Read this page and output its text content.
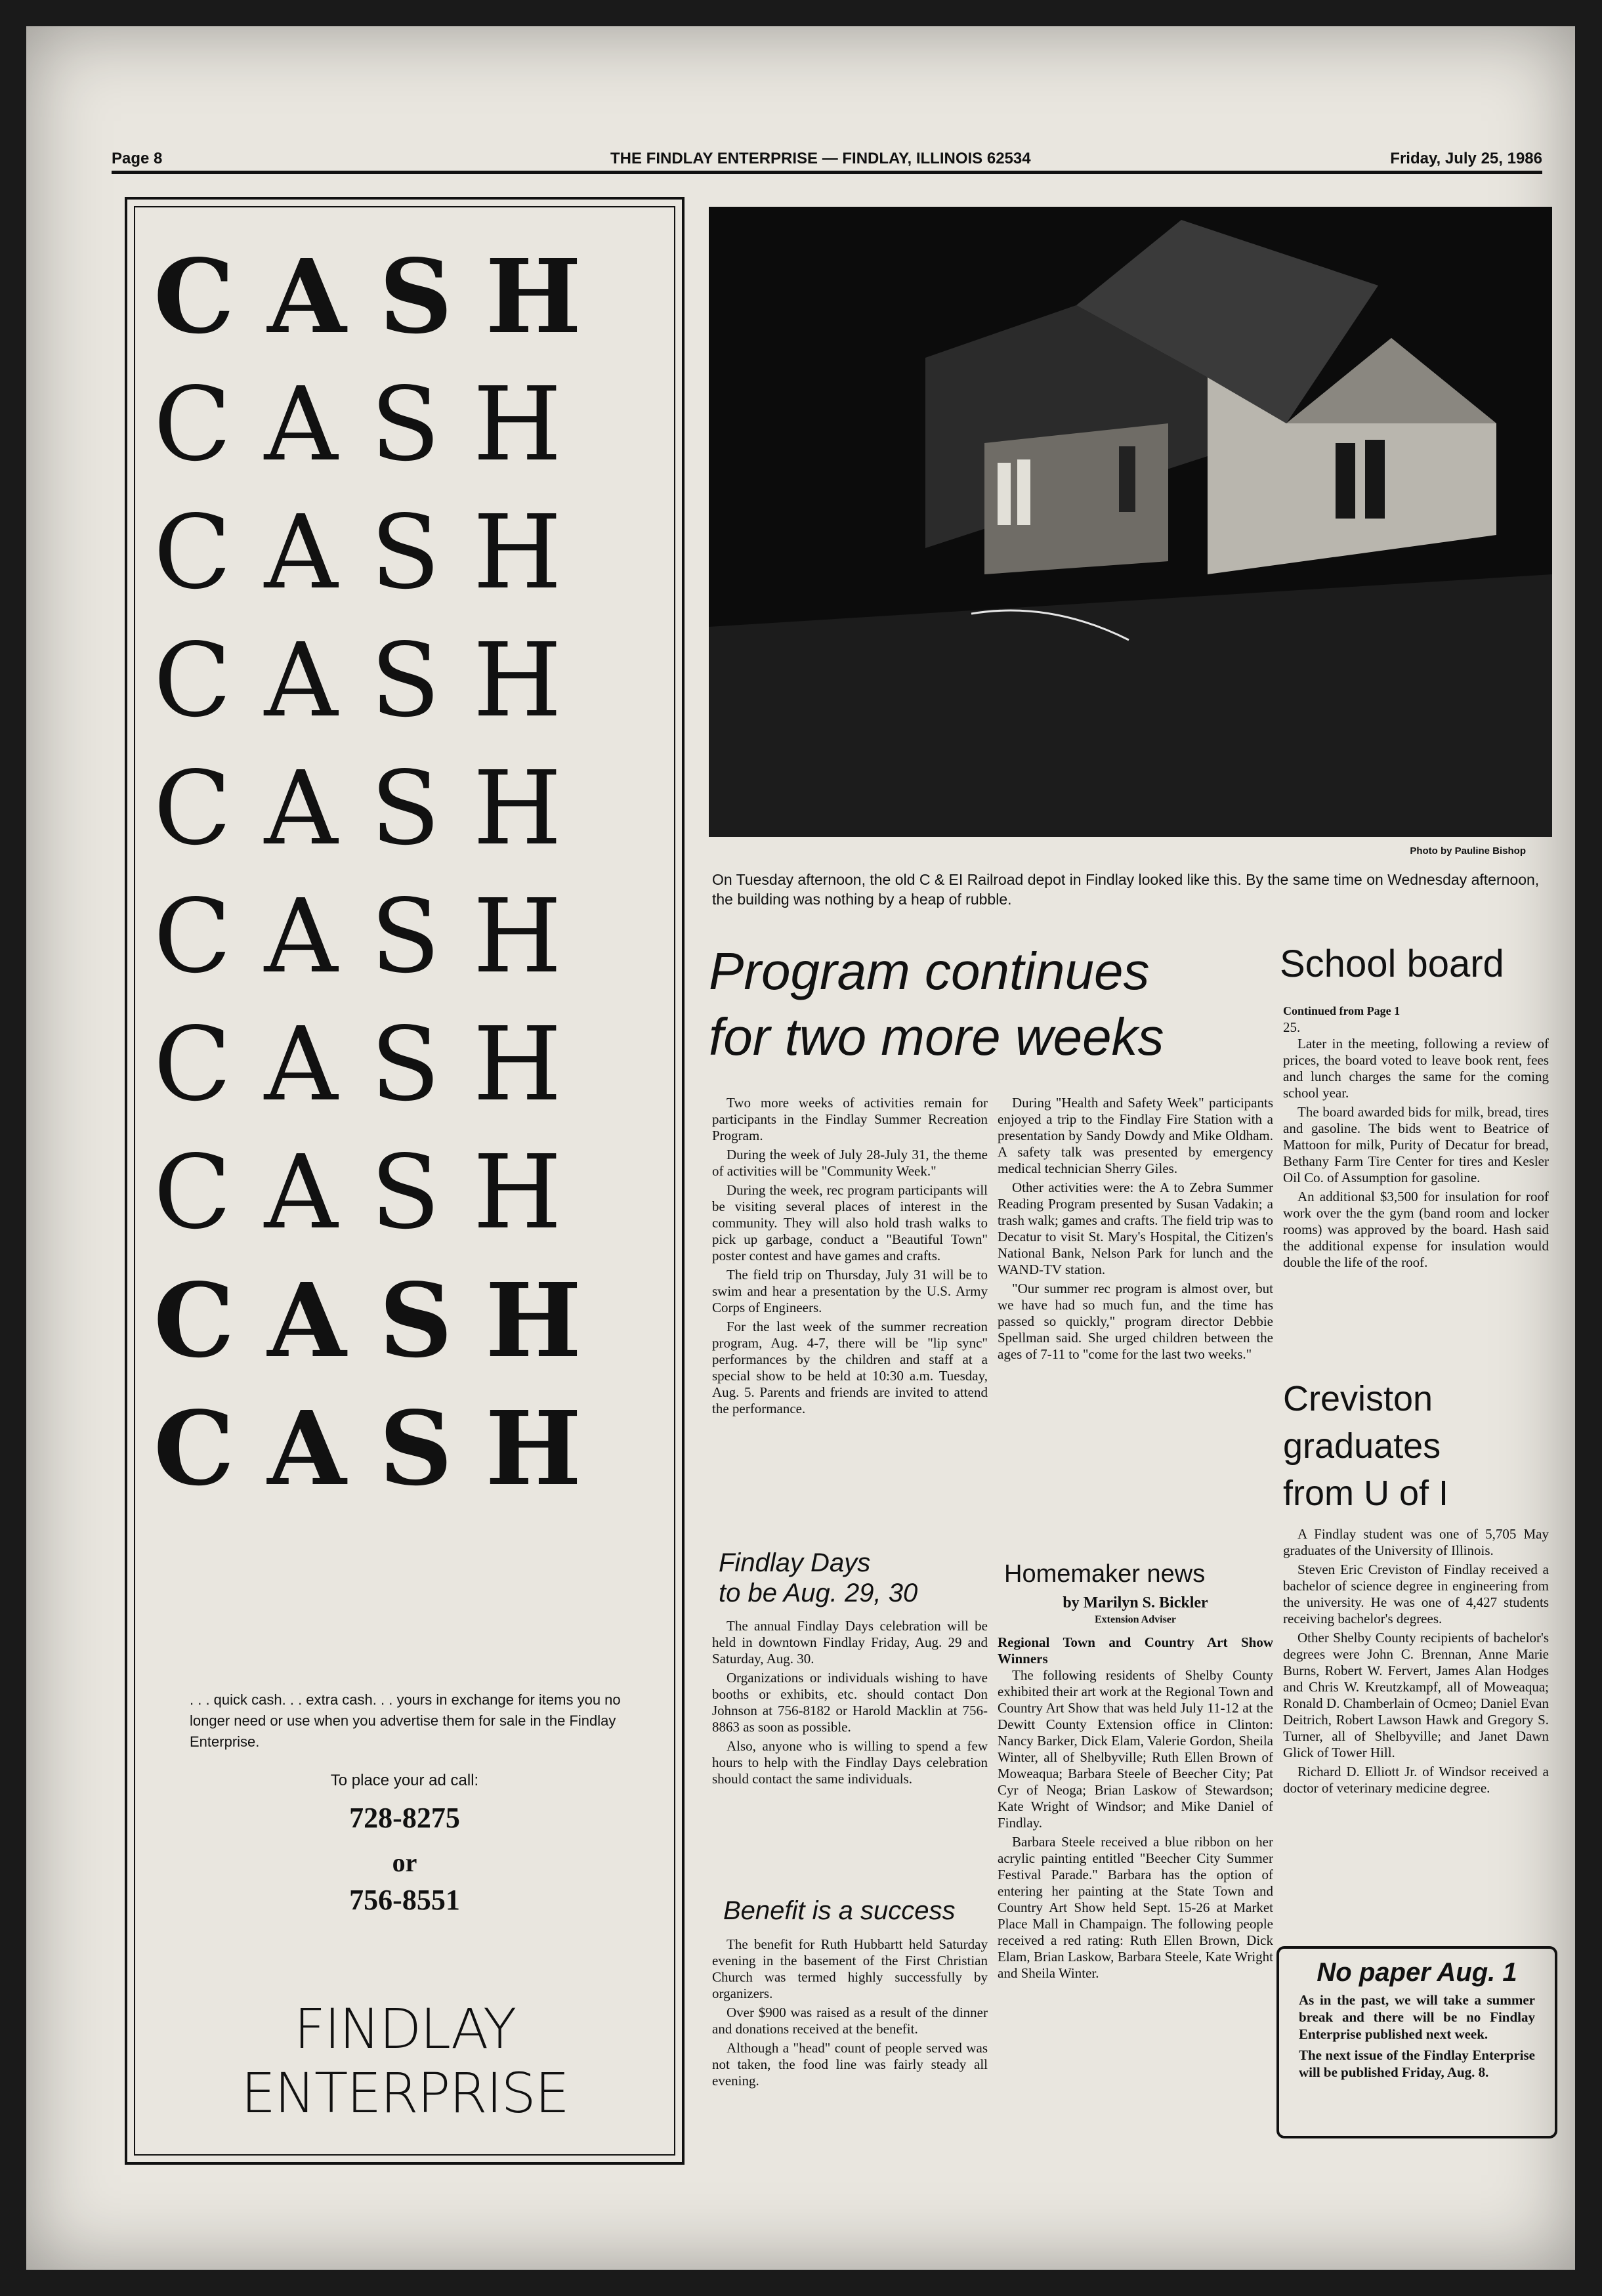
Page 8	THE FINDLAY ENTERPRISE — FINDLAY, ILLINOIS 62534	Friday, July 25, 1986
CASH
CASH
CASH
CASH
CASH
CASH
CASH
CASH
CASH
CASH
. . . quick cash. . . extra cash. . . yours in exchange for items you no longer need or use when you advertise them for sale in the Findlay Enterprise.
To place your ad call:
728-8275
or
756-8551
FINDLAY
ENTERPRISE
Photo by Pauline Bishop
On Tuesday afternoon, the old C & EI Railroad depot in Findlay looked like this. By the same time on Wednesday afternoon, the building was nothing by a heap of rubble.
Program continues
for two more weeks

Two more weeks of activities remain for participants in the Findlay Summer Recreation Program.

During the week of July 28-July 31, the theme of activities will be "Community Week."

During the week, rec program participants will be visiting several places of interest in the community. They will also hold trash walks to pick up garbage, conduct a "Beautiful Town" poster contest and have games and crafts.

The field trip on Thursday, July 31 will be to swim and hear a presentation by the U.S. Army Corps of Engineers.

For the last week of the summer recreation program, Aug. 4-7, there will be "lip sync" performances by the children and staff at a special show to be held at 10:30 a.m. Tuesday, Aug. 5. Parents and friends are invited to attend the performance.

During "Health and Safety Week" participants enjoyed a trip to the Findlay Fire Station with a presentation by Sandy Dowdy and Mike Oldham. A safety talk was presented by emergency medical technician Sherry Giles.

Other activities were: the A to Zebra Summer Reading Program presented by Susan Vadakin; a trash walk; games and crafts. The field trip was to Decatur to visit St. Mary's Hospital, the Citizen's National Bank, Nelson Park for lunch and the WAND-TV station.

"Our summer rec program is almost over, but we have had so much fun, and the time has passed so quickly," program director Debbie Spellman said. She urged children between the ages of 7-11 to "come for the last two weeks."

Findlay Days
to be Aug. 29, 30

The annual Findlay Days celebration will be held in downtown Findlay Friday, Aug. 29 and Saturday, Aug. 30.

Organizations or individuals wishing to have booths or exhibits, etc. should contact Don Johnson at 756-8182 or Harold Macklin at 756-8863 as soon as possible.

Also, anyone who is willing to spend a few hours to help with the Findlay Days celebration should contact the same individuals.

Benefit is a success

The benefit for Ruth Hubbartt held Saturday evening in the basement of the First Christian Church was termed highly successfully by organizers.

Over $900 was raised as a result of the dinner and donations received at the benefit.

Although a "head" count of people served was not taken, the food line was fairly steady all evening.

Homemaker news
by Marilyn S. Bickler
Extension Adviser
Regional Town and Country Art Show Winners

The following residents of Shelby County exhibited their art work at the Regional Town and Country Art Show that was held July 11-12 at the Dewitt County Extension office in Clinton: Nancy Barker, Dick Elam, Valerie Gordon, Sheila Winter, all of Shelbyville; Ruth Ellen Brown of Moweaqua; Barbara Steele of Beecher City; Pat Cyr of Neoga; Brian Laskow of Stewardson; Kate Wright of Windsor; and Mike Daniel of Findlay.

Barbara Steele received a blue ribbon on her acrylic painting entitled "Beecher City Summer Festival Parade." Barbara has the option of entering her painting at the State Town and Country Art Show held Sept. 15-26 at Market Place Mall in Champaign. The following people received a red rating: Ruth Ellen Brown, Dick Elam, Brian Laskow, Barbara Steele, Kate Wright and Sheila Winter.

School board
Continued from Page 1
25.

Later in the meeting, following a review of prices, the board voted to leave book rent, fees and lunch charges the same for the coming school year.

The board awarded bids for milk, bread, tires and gasoline. The bids went to Beatrice of Mattoon for milk, Purity of Decatur for bread, Bethany Farm Tire Center for tires and Kesler Oil Co. of Assumption for gasoline.

An additional $3,500 for insulation for roof work over the the gym (band room and locker rooms) was approved by the board. Hash said the additional expense for insulation would double the life of the roof.

Creviston
graduates
from U of I

A Findlay student was one of 5,705 May graduates of the University of Illinois.

Steven Eric Creviston of Findlay received a bachelor of science degree in engineering from the university. He was one of 4,427 students receiving bachelor's degrees.

Other Shelby County recipients of bachelor's degrees were John C. Brennan, Anne Marie Burns, Robert W. Fervert, James Alan Hodges and Chris W. Kreutzkampf, all of Moweaqua; Ronald D. Chamberlain of Ocmeo; Daniel Evan Deitrich, Robert Lawson Hawk and Gregory S. Turner, all of Shelbyville; and Janet Dawn Glick of Tower Hill.

Richard D. Elliott Jr. of Windsor received a doctor of veterinary medicine degree.

No paper Aug. 1

As in the past, we will take a summer break and there will be no Findlay Enterprise published next week.

The next issue of the Findlay Enterprise will be published Friday, Aug. 8.
